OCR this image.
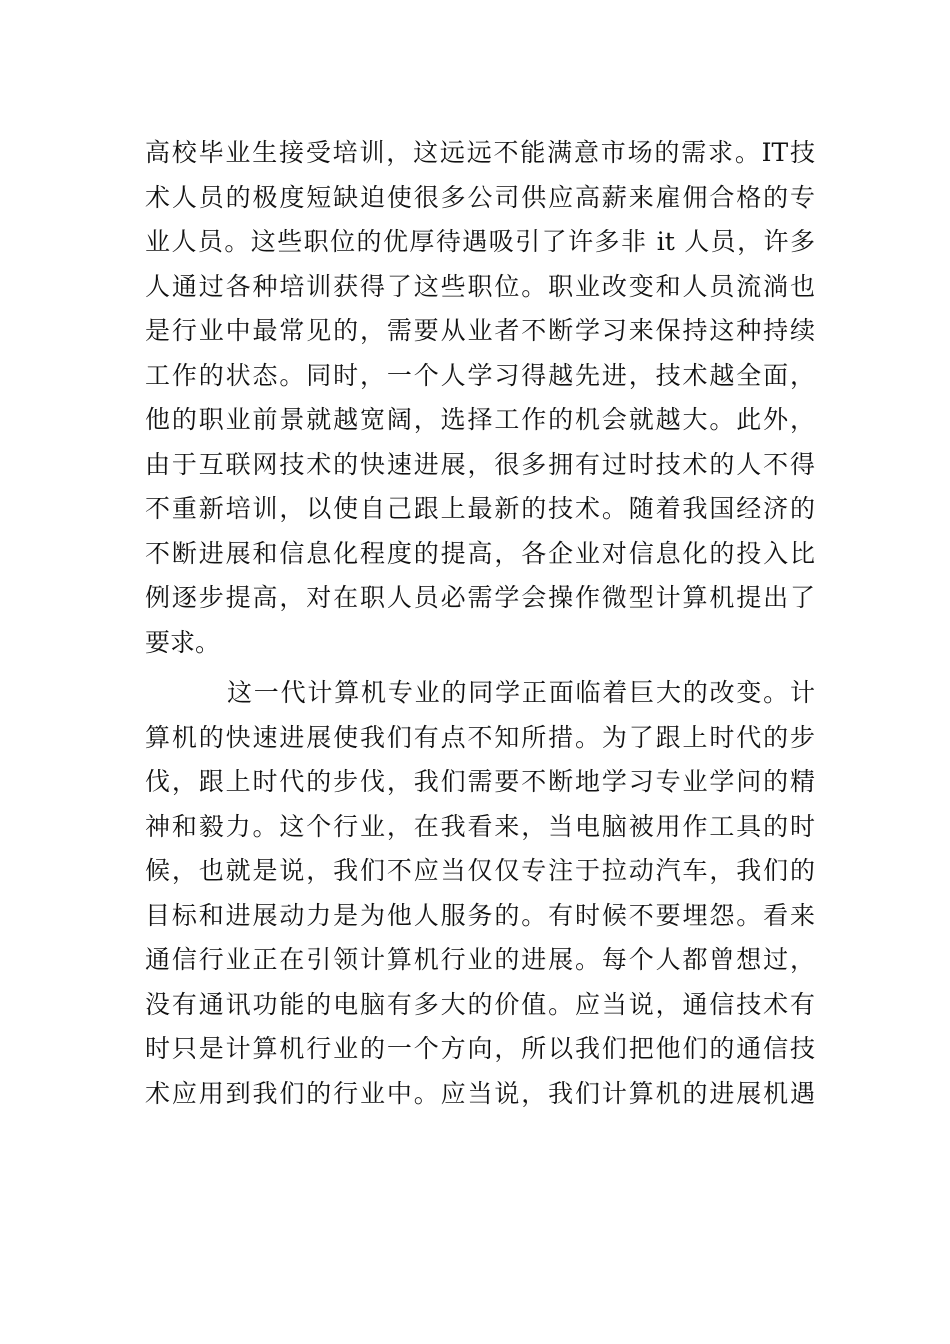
高校毕业生接受培训，这远远不能满意市场的需求。IT技
术人员的极度短缺迫使很多公司供应高薪来雇佣合格的专
业人员。这些职位的优厚待遇吸引了许多非 it 人员，许多
人通过各种培训获得了这些职位。职业改变和人员流淌也
是行业中最常见的，需要从业者不断学习来保持这种持续
工作的状态。同时，一个人学习得越先进，技术越全面，
他的职业前景就越宽阔，选择工作的机会就越大。此外，
由于互联网技术的快速进展，很多拥有过时技术的人不得
不重新培训，以使自己跟上最新的技术。随着我国经济的
不断进展和信息化程度的提高，各企业对信息化的投入比
例逐步提高，对在职人员必需学会操作微型计算机提出了
要求。
这一代计算机专业的同学正面临着巨大的改变。计
算机的快速进展使我们有点不知所措。为了跟上时代的步
伐，跟上时代的步伐，我们需要不断地学习专业学问的精
神和毅力。这个行业，在我看来，当电脑被用作工具的时
候，也就是说，我们不应当仅仅专注于拉动汽车，我们的
目标和进展动力是为他人服务的。有时候不要埋怨。看来
通信行业正在引领计算机行业的进展。每个人都曾想过，
没有通讯功能的电脑有多大的价值。应当说，通信技术有
时只是计算机行业的一个方向，所以我们把他们的通信技
术应用到我们的行业中。应当说，我们计算机的进展机遇
